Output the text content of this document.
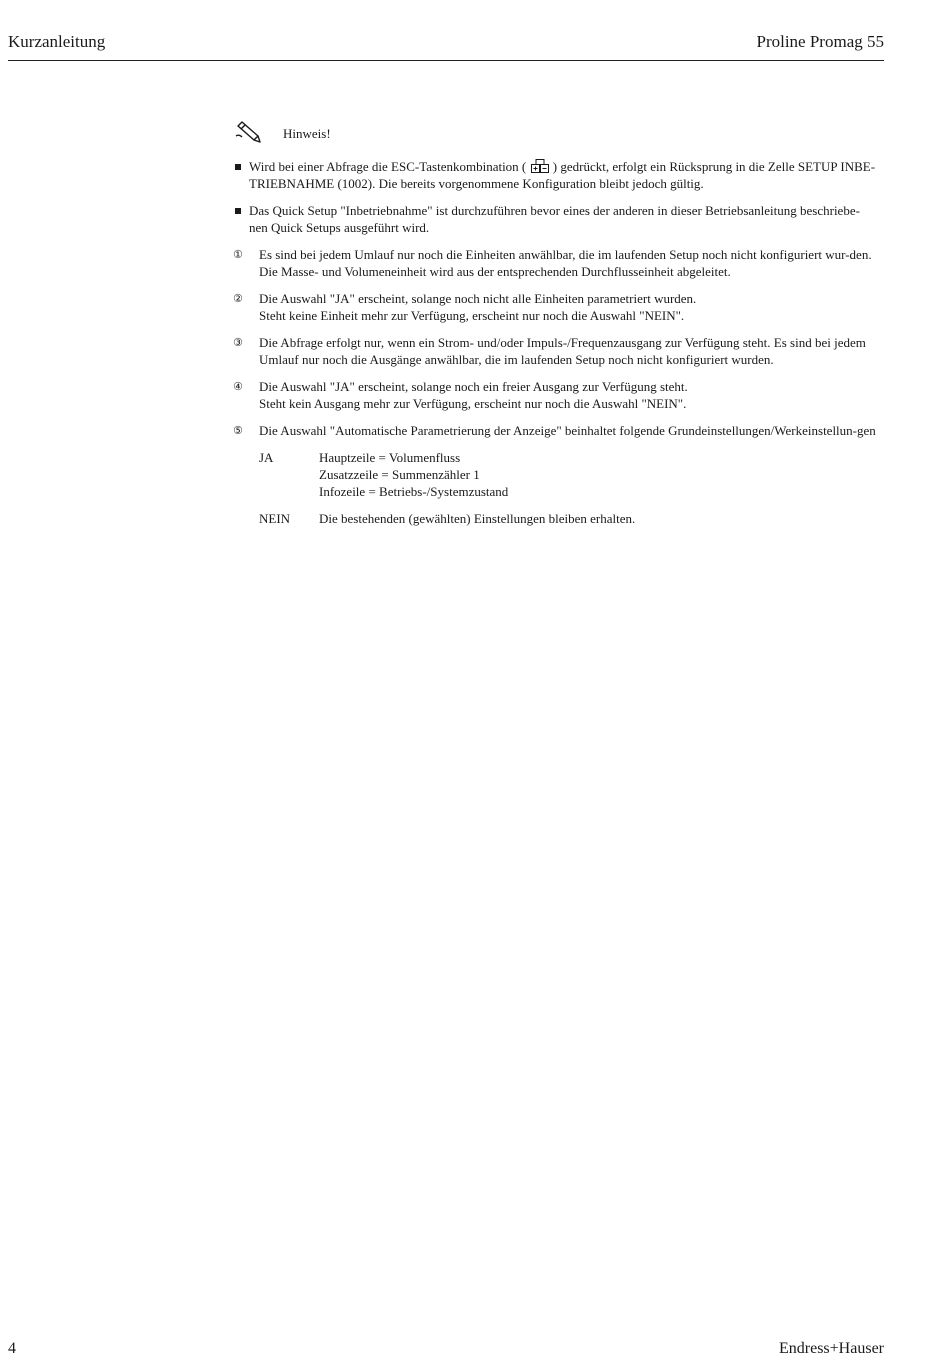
Kurzanleitung	Proline Promag 55
Hinweis!
Wird bei einer Abfrage die ESC-Tastenkombination ( ) gedrückt, erfolgt ein Rücksprung in die Zelle SETUP INBE-TRIEBNAHME (1002). Die bereits vorgenommene Konfiguration bleibt jedoch gültig.
Das Quick Setup "Inbetriebnahme" ist durchzuführen bevor eines der anderen in dieser Betriebsanleitung beschriebe-nen Quick Setups ausgeführt wird.
① Es sind bei jedem Umlauf nur noch die Einheiten anwählbar, die im laufenden Setup noch nicht konfiguriert wur-den. Die Masse- und Volumeneinheit wird aus der entsprechenden Durchflusseinheit abgeleitet.
② Die Auswahl "JA" erscheint, solange noch nicht alle Einheiten parametriert wurden.
Steht keine Einheit mehr zur Verfügung, erscheint nur noch die Auswahl "NEIN".
③ Die Abfrage erfolgt nur, wenn ein Strom- und/oder Impuls-/Frequenzausgang zur Verfügung steht. Es sind bei jedem Umlauf nur noch die Ausgänge anwählbar, die im laufenden Setup noch nicht konfiguriert wurden.
④ Die Auswahl "JA" erscheint, solange noch ein freier Ausgang zur Verfügung steht.
Steht kein Ausgang mehr zur Verfügung, erscheint nur noch die Auswahl "NEIN".
⑤ Die Auswahl "Automatische Parametrierung der Anzeige" beinhaltet folgende Grundeinstellungen/Werkeinstellun-gen
JA	Hauptzeile = Volumenfluss
Zusatzzeile = Summenzähler 1
Infozeile = Betriebs-/Systemzustand
NEIN	Die bestehenden (gewählten) Einstellungen bleiben erhalten.
4	Endress+Hauser
